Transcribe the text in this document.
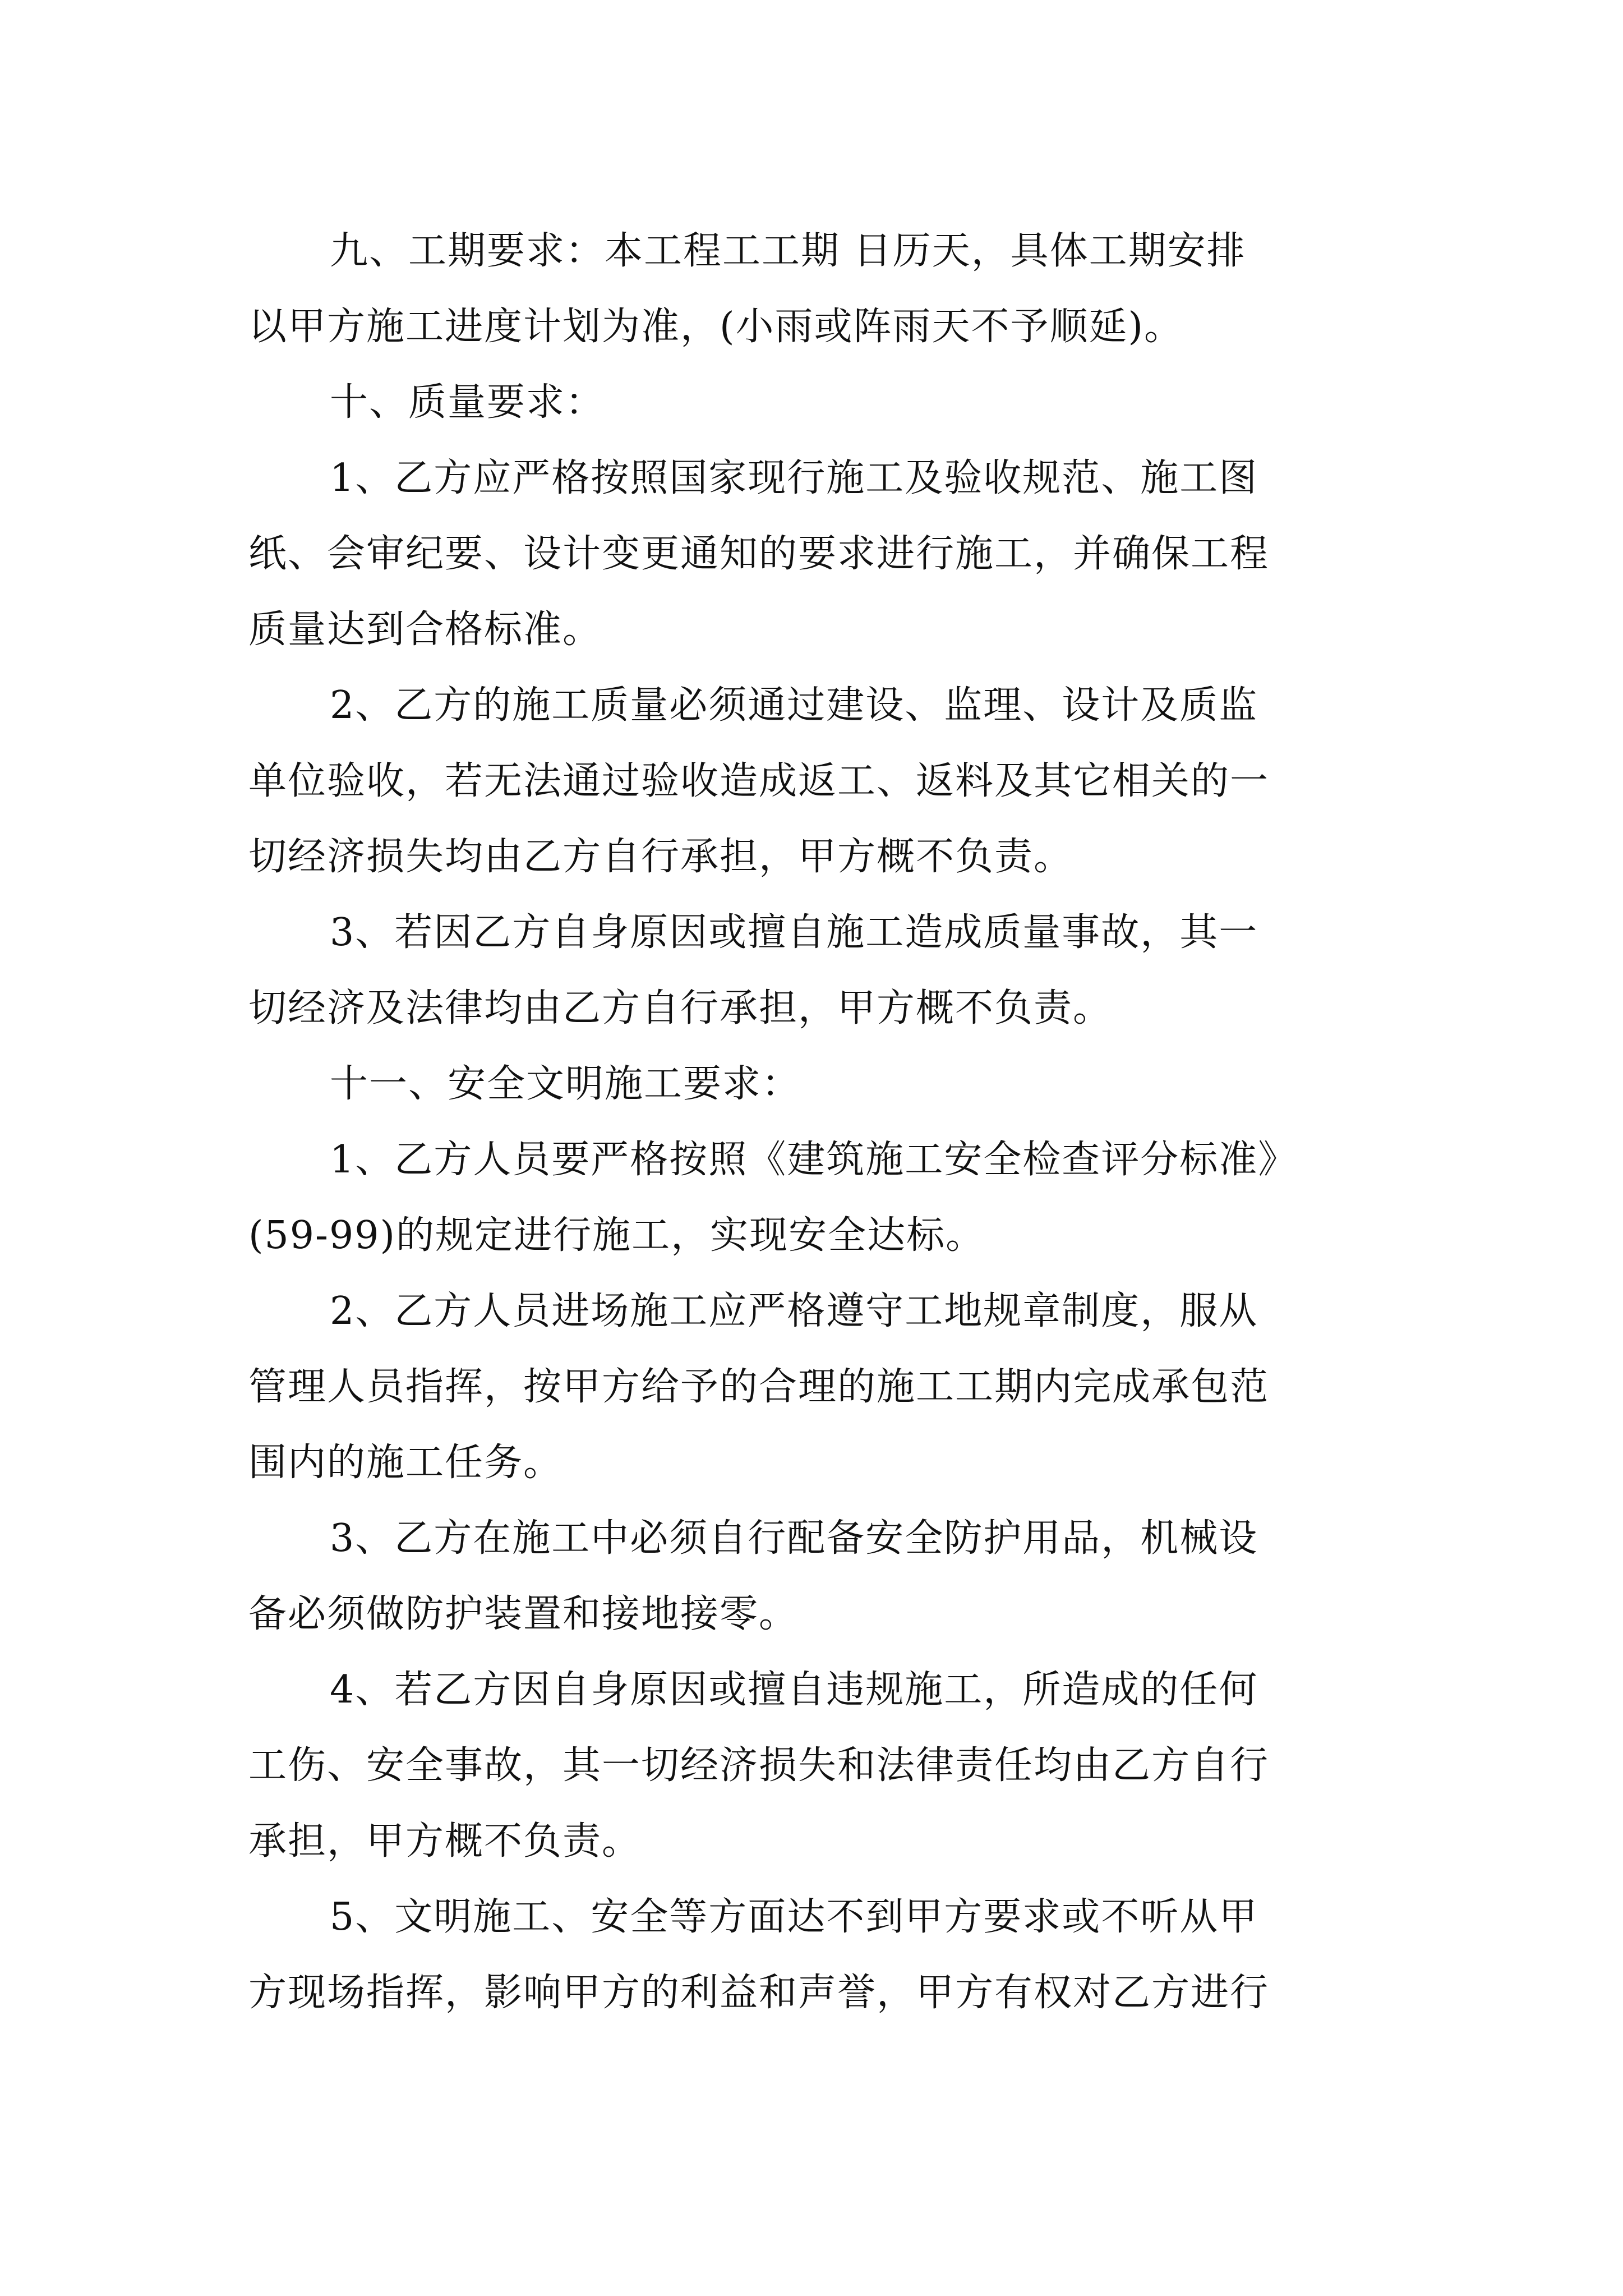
九、工期要求：本工程工工期 日历天，具体工期安排
以甲方施工进度计划为准，(小雨或阵雨天不予顺延)。
十、质量要求：
1、乙方应严格按照国家现行施工及验收规范、施工图
纸、会审纪要、设计变更通知的要求进行施工，并确保工程
质量达到合格标准。
2、乙方的施工质量必须通过建设、监理、设计及质监
单位验收，若无法通过验收造成返工、返料及其它相关的一
切经济损失均由乙方自行承担，甲方概不负责。
3、若因乙方自身原因或擅自施工造成质量事故，其一
切经济及法律均由乙方自行承担，甲方概不负责。
十一、安全文明施工要求：
1、乙方人员要严格按照《建筑施工安全检查评分标准》
(59-99)的规定进行施工，实现安全达标。
2、乙方人员进场施工应严格遵守工地规章制度，服从
管理人员指挥，按甲方给予的合理的施工工期内完成承包范
围内的施工任务。
3、乙方在施工中必须自行配备安全防护用品，机械设
备必须做防护装置和接地接零。
4、若乙方因自身原因或擅自违规施工，所造成的任何
工伤、安全事故，其一切经济损失和法律责任均由乙方自行
承担，甲方概不负责。
5、文明施工、安全等方面达不到甲方要求或不听从甲
方现场指挥，影响甲方的利益和声誉，甲方有权对乙方进行
